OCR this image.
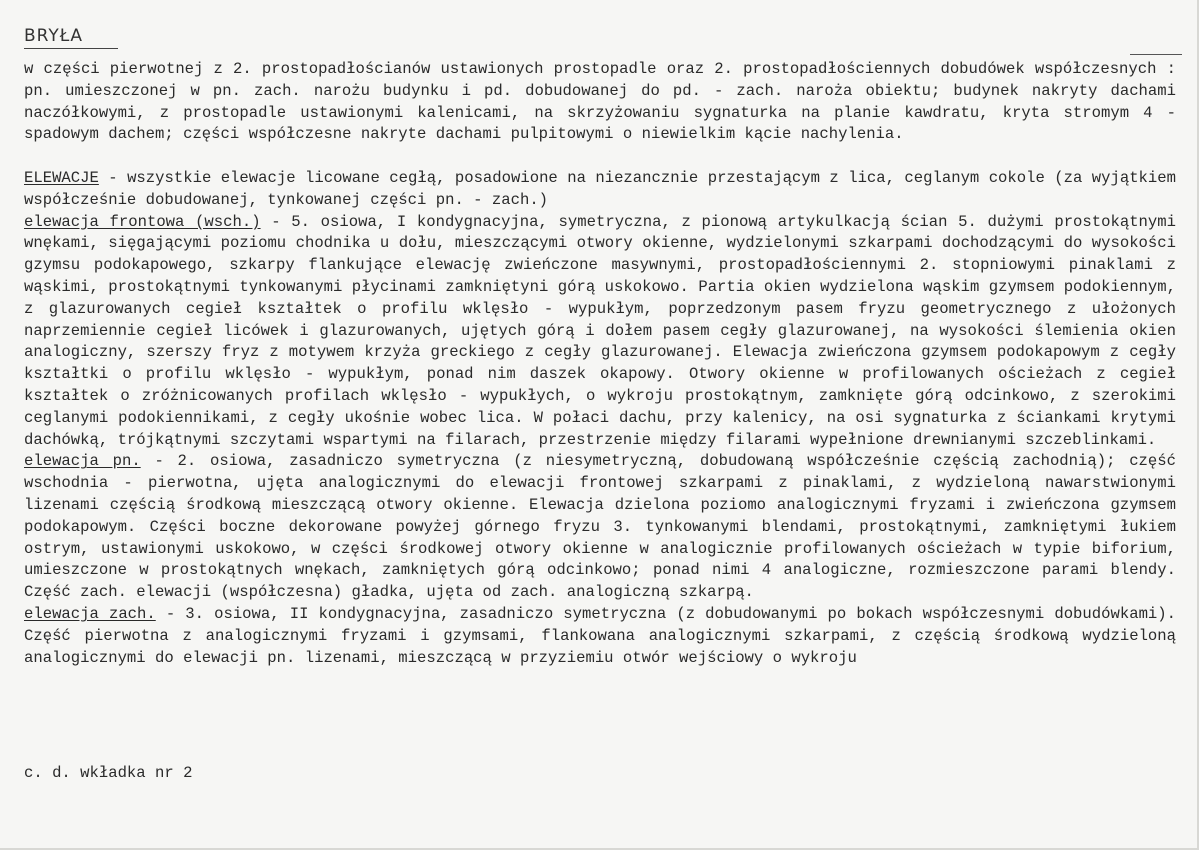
BRYŁA

w części pierwotnej z 2. prostopadłościanów ustawionych prostopadle oraz 2. prostopadłościennych dobudówek współczesnych : pn. umieszczonej w pn. zach. narożu budynku i pd. dobudowanej do pd. - zach. naroża obiektu; budynek nakryty dachami naczółkowymi, z prostopadle ustawionymi kalenicami, na skrzyżowaniu sygnaturka na planie kawdratu, kryta stromym 4 -spadowym dachem; części współczesne nakryte dachami pulpitowymi o niewielkim kącie nachylenia.

ELEWACJE - wszystkie elewacje licowane cegłą, posadowione na niezancznie przestającym z lica, ceglanym cokole (za wyjątkiem współcześnie dobudowanej, tynkowanej części pn. - zach.)

elewacja frontowa (wsch.) - 5. osiowa, I kondygnacyjna, symetryczna, z pionową artykulkacją ścian 5. dużymi prostokątnymi wnękami, sięgającymi poziomu chodnika u dołu, mieszczącymi otwory okienne, wydzielonymi szkarpami dochodzącymi do wysokości gzymsu podokapowego, szkarpy flankujące elewację zwieńczone masywnymi, prostopadłościennymi 2. stopniowymi pinaklami z wąskimi, prostokątnymi tynkowanymi płycinami zamkniętyni górą uskokowo. Partia okien wydzielona wąskim gzymsem podokiennym, z glazurowanych cegieł kształtek o profilu wklęsło - wypukłym, poprzedzonym pasem fryzu geometrycznego z ułożonych naprzemiennie cegieł licówek i glazurowanych, ujętych górą i dołem pasem cegły glazurowanej, na wysokości ślemienia okien analogiczny, szerszy fryz z motywem krzyża greckiego z cegły glazurowanej. Elewacja zwieńczona gzymsem podokapowym z cegły kształtki o profilu wklęsło - wypukłym, ponad nim daszek okapowy. Otwory okienne w profilowanych ościeżach z cegieł kształtek o zróżnicowanych profilach wklęsło - wypukłych, o wykroju prostokątnym, zamknięte górą odcinkowo, z szerokimi ceglanymi podokiennikami, z cegły ukośnie wobec lica. W połaci dachu, przy kalenicy, na osi sygnaturka z ściankami krytymi dachówką, trójkątnymi szczytami wspartymi na filarach, przestrzenie między filarami wypełnione drewnianymi szczeblinkami.

elewacja pn. - 2. osiowa, zasadniczo symetryczna (z niesymetryczną, dobudowaną współcześnie częścią zachodnią); część wschodnia - pierwotna, ujęta analogicznymi do elewacji frontowej szkarpami z pinaklami, z wydzieloną nawarstwionymi lizenami częścią środkową mieszczącą otwory okienne. Elewacja dzielona poziomo analogicznymi fryzami i zwieńczona gzymsem podokapowym. Części boczne dekorowane powyżej górnego fryzu 3. tynkowanymi blendami, prostokątnymi, zamkniętymi łukiem ostrym, ustawionymi uskokowo, w części środkowej otwory okienne w analogicznie profilowanych ościeżach w typie biforium, umieszczone w prostokątnych wnękach, zamkniętych górą odcinkowo; ponad nimi 4 analogiczne, rozmieszczone parami blendy. Część zach. elewacji (współczesna) gładka, ujęta od zach. analogiczną szkarpą.

elewacja zach. - 3. osiowa, II kondygnacyjna, zasadniczo symetryczna (z dobudowanymi po bokach współczesnymi dobudówkami). Część pierwotna z analogicznymi fryzami i gzymsami, flankowana analogicznymi szkarpami, z częścią środkową wydzieloną analogicznymi do elewacji pn. lizenami, mieszczącą w przyziemiu otwór wejściowy o wykroju

c. d. wkładka nr 2
